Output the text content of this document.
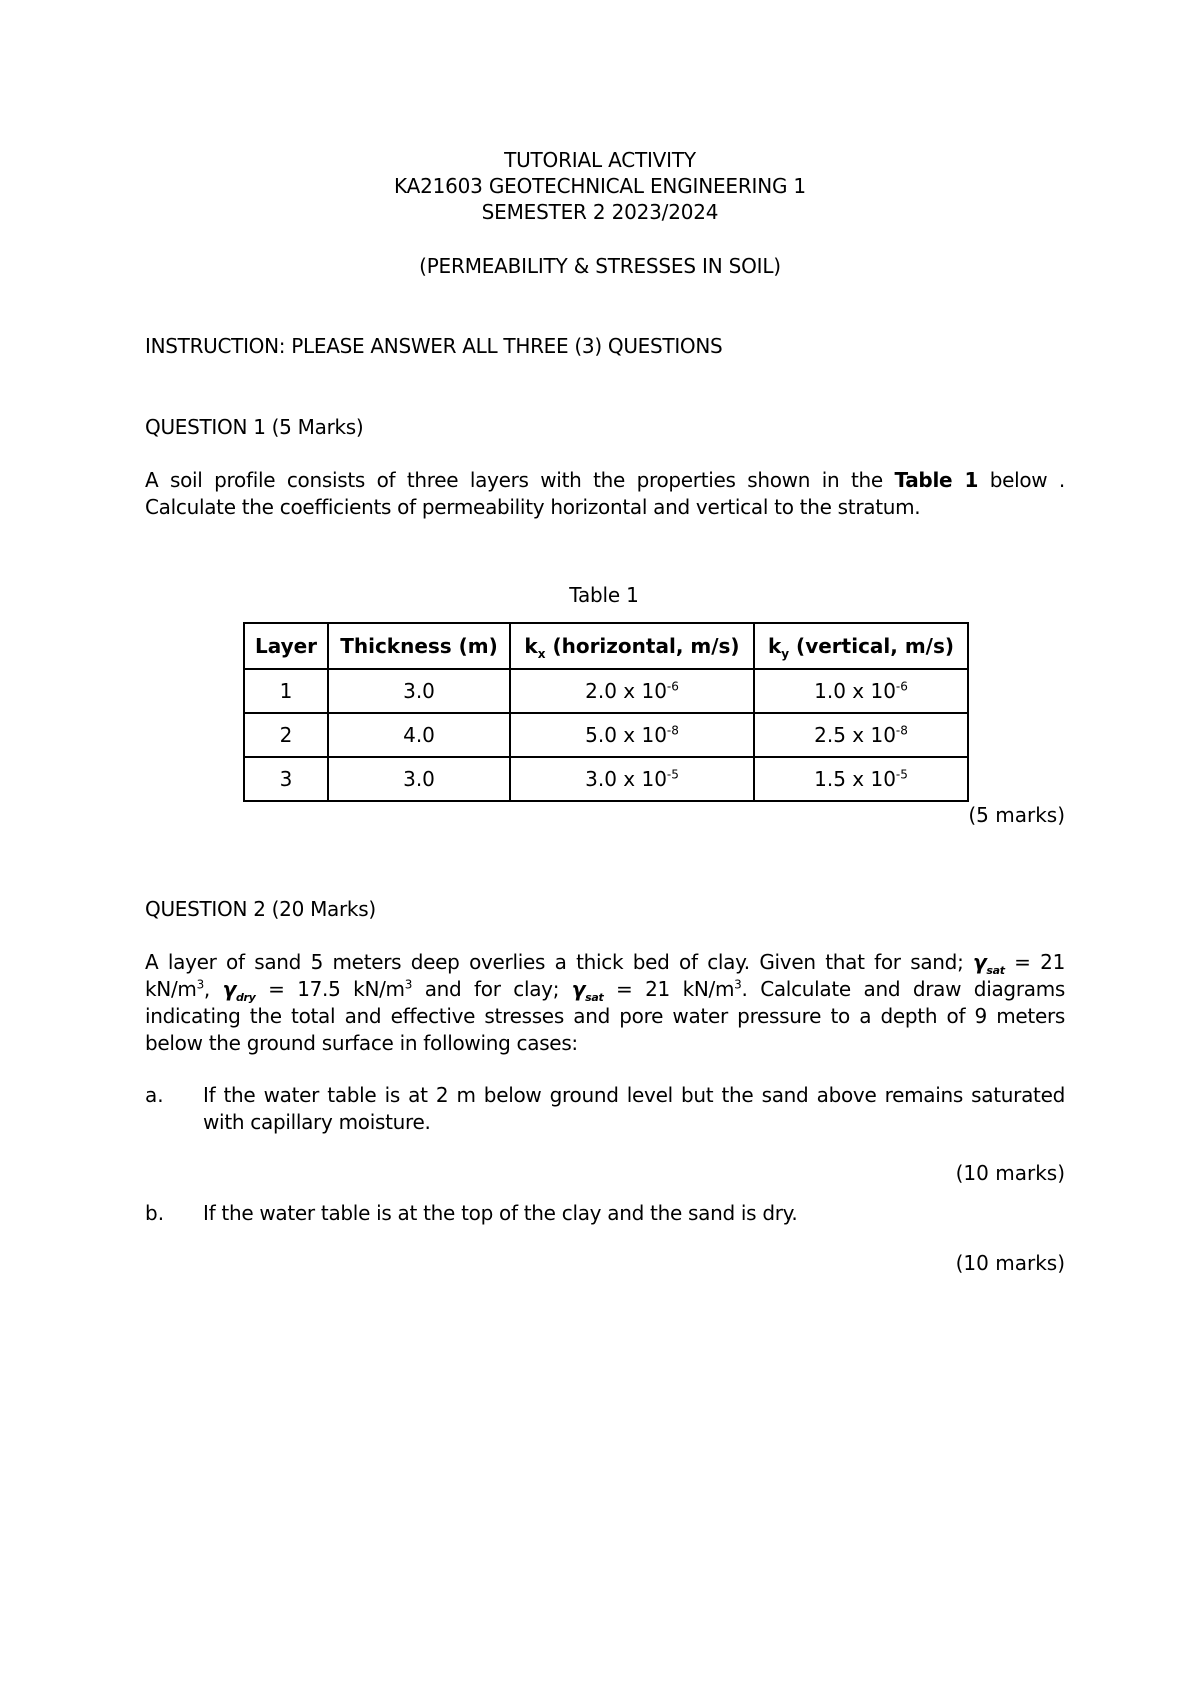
TUTORIAL ACTIVITY
KA21603 GEOTECHNICAL ENGINEERING 1
SEMESTER 2 2023/2024
(PERMEABILITY & STRESSES IN SOIL)
INSTRUCTION: PLEASE ANSWER ALL THREE (3) QUESTIONS
QUESTION 1 (5 Marks)
A soil profile consists of three layers with the properties shown in the Table 1 below . Calculate the coefficients of permeability horizontal and vertical to the stratum.
Table 1
Layer	Thickness (m)	$k_x$ (horizontal, m/s)	$k_y$ (vertical, m/s)
1	3.0	2.0 x $10^{-6}$	1.0 x $10^{-6}$
2	4.0	5.0 x $10^{-8}$	2.5 x $10^{-8}$
3	3.0	3.0 x $10^{-5}$	1.5 x $10^{-5}$
(5 marks)
QUESTION 2 (20 Marks)
A layer of sand 5 meters deep overlies a thick bed of clay. Given that for sand; $\gamma_{sat} = 21$ $kN/m^3$, $\gamma_{dry} = 17.5$ $kN/m^3$ and for clay; $\gamma_{sat} = 21$ $kN/m^3$. Calculate and draw diagrams indicating the total and effective stresses and pore water pressure to a depth of 9 meters below the ground surface in following cases:
a. If the water table is at 2 m below ground level but the sand above remains saturated with capillary moisture.
(10 marks)
b. If the water table is at the top of the clay and the sand is dry.
(10 marks)
